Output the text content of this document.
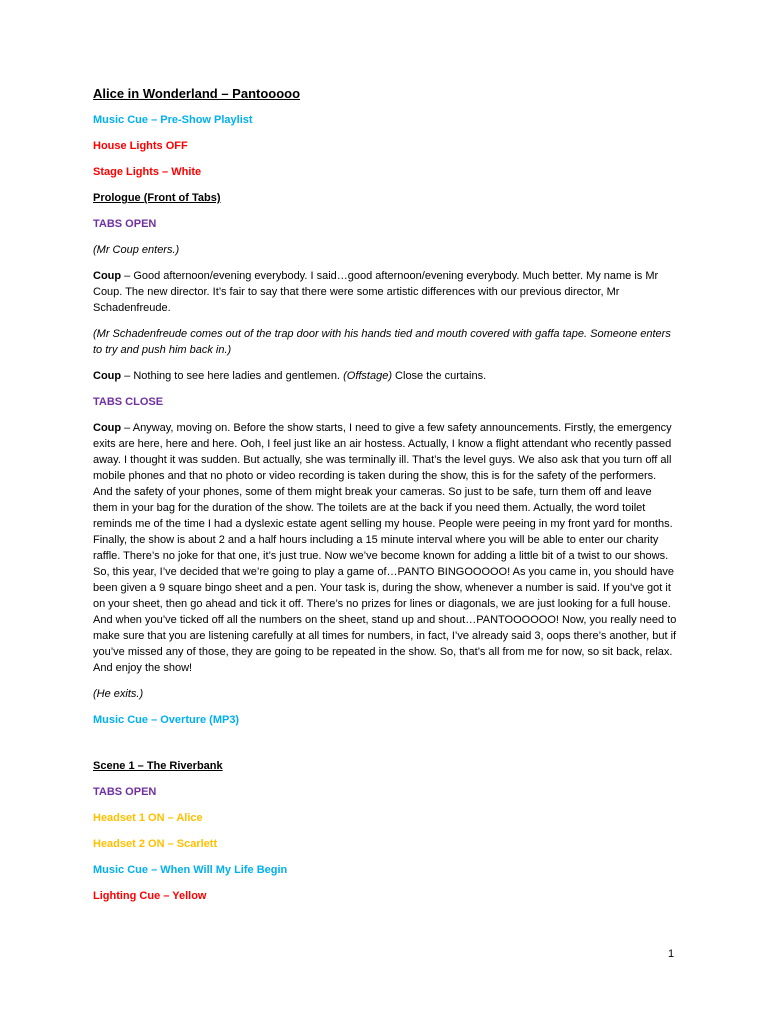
Alice in Wonderland – Pantooooo

Music Cue – Pre-Show Playlist

House Lights OFF

Stage Lights – White

Prologue (Front of Tabs)

TABS OPEN

(Mr Coup enters.)

Coup – Good afternoon/evening everybody. I said…good afternoon/evening everybody. Much better. My name is Mr Coup. The new director. It’s fair to say that there were some artistic differences with our previous director, Mr Schadenfreude.

(Mr Schadenfreude comes out of the trap door with his hands tied and mouth covered with gaffa tape. Someone enters to try and push him back in.)

Coup – Nothing to see here ladies and gentlemen. (Offstage) Close the curtains.

TABS CLOSE

Coup – Anyway, moving on. Before the show starts, I need to give a few safety announcements. Firstly, the emergency exits are here, here and here. Ooh, I feel just like an air hostess. Actually, I know a flight attendant who recently passed away. I thought it was sudden. But actually, she was terminally ill. That’s the level guys. We also ask that you turn off all mobile phones and that no photo or video recording is taken during the show, this is for the safety of the performers. And the safety of your phones, some of them might break your cameras. So just to be safe, turn them off and leave them in your bag for the duration of the show. The toilets are at the back if you need them. Actually, the word toilet reminds me of the time I had a dyslexic estate agent selling my house. People were peeing in my front yard for months. Finally, the show is about 2 and a half hours including a 15 minute interval where you will be able to enter our charity raffle. There’s no joke for that one, it’s just true. Now we’ve become known for adding a little bit of a twist to our shows. So, this year, I’ve decided that we’re going to play a game of…PANTO BINGOOOOO! As you came in, you should have been given a 9 square bingo sheet and a pen. Your task is, during the show, whenever a number is said. If you’ve got it on your sheet, then go ahead and tick it off. There’s no prizes for lines or diagonals, we are just looking for a full house. And when you’ve ticked off all the numbers on the sheet, stand up and shout…PANTOOOOOO! Now, you really need to make sure that you are listening carefully at all times for numbers, in fact, I’ve already said 3, oops there’s another, but if you’ve missed any of those, they are going to be repeated in the show. So, that’s all from me for now, so sit back, relax. And enjoy the show!

(He exits.)

Music Cue – Overture (MP3)

Scene 1 – The Riverbank

TABS OPEN

Headset 1 ON – Alice

Headset 2 ON – Scarlett

Music Cue – When Will My Life Begin

Lighting Cue – Yellow

1
